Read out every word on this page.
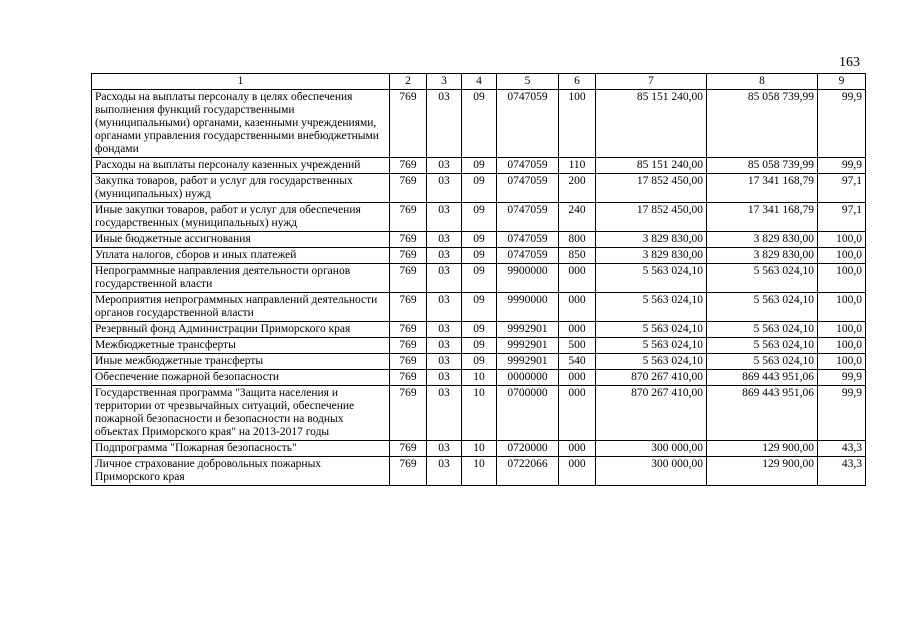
163
1	2	3	4	5	6	7	8	9
Расходы на выплаты персоналу в целях обеспечения выполнения функций государственными (муниципальными) органами, казенными учреждениями, органами управления государственными внебюджетными фондами	769	03	09	0747059	100	85 151 240,00	85 058 739,99	99,9
Расходы на выплаты персоналу казенных учреждений	769	03	09	0747059	110	85 151 240,00	85 058 739,99	99,9
Закупка товаров, работ и услуг для государственных (муниципальных) нужд	769	03	09	0747059	200	17 852 450,00	17 341 168,79	97,1
Иные закупки товаров, работ и услуг для обеспечения государственных (муниципальных) нужд	769	03	09	0747059	240	17 852 450,00	17 341 168,79	97,1
Иные бюджетные ассигнования	769	03	09	0747059	800	3 829 830,00	3 829 830,00	100,0
Уплата налогов, сборов и иных платежей	769	03	09	0747059	850	3 829 830,00	3 829 830,00	100,0
Непрограммные направления деятельности органов государственной власти	769	03	09	9900000	000	5 563 024,10	5 563 024,10	100,0
Мероприятия непрограммных направлений деятельности органов государственной власти	769	03	09	9990000	000	5 563 024,10	5 563 024,10	100,0
Резервный фонд Администрации Приморского края	769	03	09	9992901	000	5 563 024,10	5 563 024,10	100,0
Межбюджетные трансферты	769	03	09	9992901	500	5 563 024,10	5 563 024,10	100,0
Иные межбюджетные трансферты	769	03	09	9992901	540	5 563 024,10	5 563 024,10	100,0
Обеспечение пожарной безопасности	769	03	10	0000000	000	870 267 410,00	869 443 951,06	99,9
Государственная программа "Защита населения и территории от чрезвычайных ситуаций, обеспечение пожарной безопасности и безопасности на водных объектах Приморского края" на 2013-2017 годы	769	03	10	0700000	000	870 267 410,00	869 443 951,06	99,9
Подпрограмма "Пожарная безопасность"	769	03	10	0720000	000	300 000,00	129 900,00	43,3
Личное страхование добровольных пожарных Приморского края	769	03	10	0722066	000	300 000,00	129 900,00	43,3
